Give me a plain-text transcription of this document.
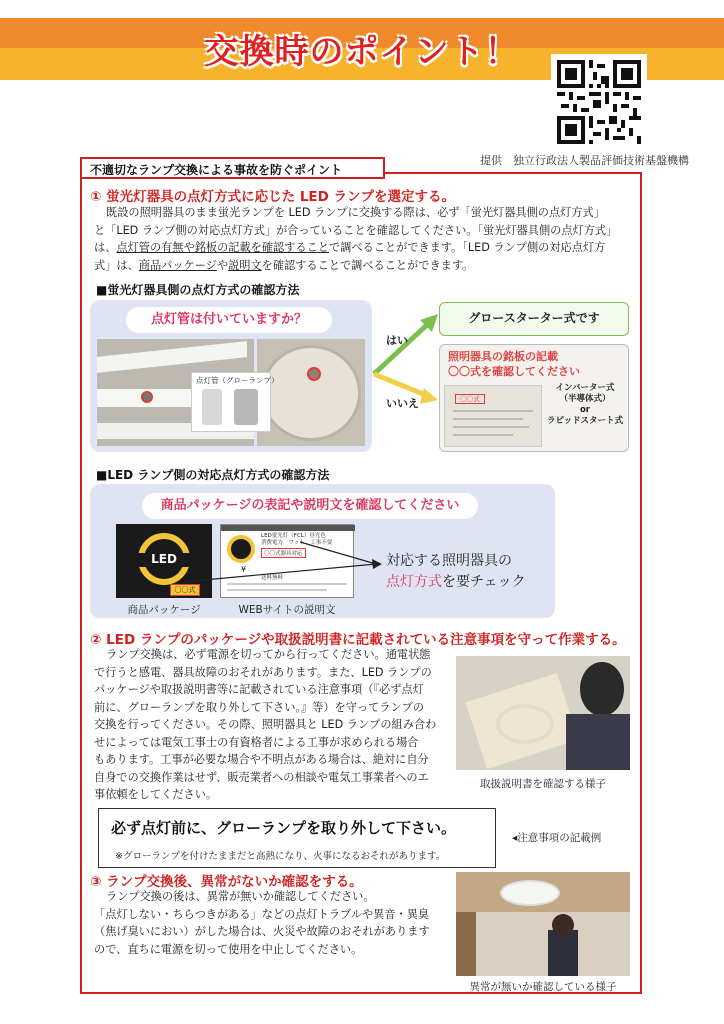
交換時のポイント！
提供　独立行政法人製品評価技術基盤機構
不適切なランプ交換による事故を防ぐポイント
① 蛍光灯器具の点灯方式に応じた LED ランプを選定する。
既設の照明器具のまま蛍光ランプを LED ランプに交換する際は、必ず「蛍光灯器具側の点灯方式」
と「LED ランプ側の対応点灯方式」が合っていることを確認してください。「蛍光灯器具側の点灯方式」
は、点灯管の有無や銘板の記載を確認することで調べることができます。「LED ランプ側の対応点灯方
式」は、商品パッケージや説明文を確認することで調べることができます。
■蛍光灯器具側の点灯方式の確認方法
点灯管は付いていますか？
点灯管（グローランプ）
はい
いいえ
グロースターター式です
照明器具の銘板の記載
〇〇式を確認してください
〇〇式
インバーター式
（半導体式）
or
ラピッドスタート式
■LED ランプ側の対応点灯方式の確認方法
商品パッケージの表記や説明文を確認してください
LED
〇〇式
商品パッケージ
LED蛍光灯（FCL）昼光色
消費電力　ワット　工事不要
〇〇式器具対応
¥
送料無料
WEBサイトの説明文
対応する照明器具の
点灯方式を要チェック
② LED ランプのパッケージや取扱説明書に記載されている注意事項を守って作業する。
ランプ交換は、必ず電源を切ってから行ってください。通電状態
で行うと感電、器具故障のおそれがあります。また、LED ランプの
パッケージや取扱説明書等に記載されている注意事項（『必ず点灯
前に、グローランプを取り外して下さい。』等）を守ってランプの
交換を行ってください。その際、照明器具と LED ランプの組み合わ
せによっては電気工事士の有資格者による工事が求められる場合
もあります。工事が必要な場合や不明点がある場合は、絶対に自分
自身での交換作業はせず、販売業者への相談や電気工事業者へのエ
事依頼をしてください。
取扱説明書を確認する様子
必ず点灯前に、グローランプを取り外して下さい。
※グローランプを付けたままだと高熱になり、火事になるおそれがあります。
◂注意事項の記載例
③ ランプ交換後、異常がないか確認をする。
ランプ交換の後は、異常が無いか確認してください。
「点灯しない・ちらつきがある」などの点灯トラブルや異音・異臭
（焦げ臭いにおい）がした場合は、火災や故障のおそれがあります
ので、直ちに電源を切って使用を中止してください。
異常が無いか確認している様子
